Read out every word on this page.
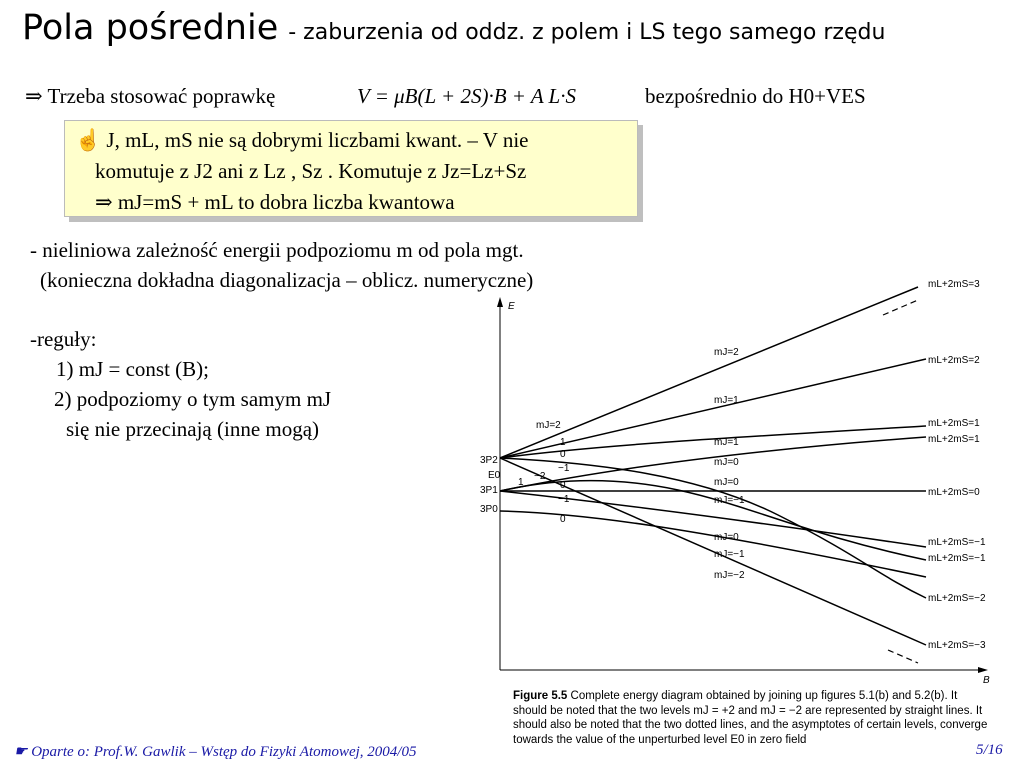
Pola pośrednie - zaburzenia od oddz. z polem i LS tego samego rzędu
⇒ Trzeba stosować poprawkę	V = μB(L + 2S)·B + A L·S	bezpośrednio do H0+VES
☝ J, mL, mS nie są dobrymi liczbami kwant. – V nie
komutuje z J2 ani z Lz , Sz . Komutuje z Jz=Lz+Sz
⇒ mJ=mS + mL to dobra liczba kwantowa
- nieliniowa zależność energii podpoziomu m od pola mgt.
(konieczna dokładna diagonalizacja – oblicz. numeryczne)
-reguły:
1) mJ = const (B);
2) podpoziomy o tym samym mJ
się nie przecinają (inne mogą)
E
B
3P2
E0
3P1
3P0
mL+2mS=3
mL+2mS=2
mL+2mS=1
mL+2mS=1
mL+2mS=0
mL+2mS=−1
mL+2mS=−1
mL+2mS=−2
mL+2mS=−3
mJ=2
mJ=1
mJ=1
mJ=0
mJ=0
mJ=−1
mJ=0
mJ=−1
mJ=−2
mJ=2
1
0
−1
−2
1	0
−1
0
Figure 5.5 Complete energy diagram obtained by joining up figures 5.1(b) and 5.2(b). It should be noted that the two levels mJ = +2 and mJ = −2 are represented by straight lines. It should also be noted that the two dotted lines, and the asymptotes of certain levels, converge towards the value of the unperturbed level E0 in zero field
☛ Oparte o: Prof.W. Gawlik – Wstęp do Fizyki Atomowej, 2004/05	5/16
